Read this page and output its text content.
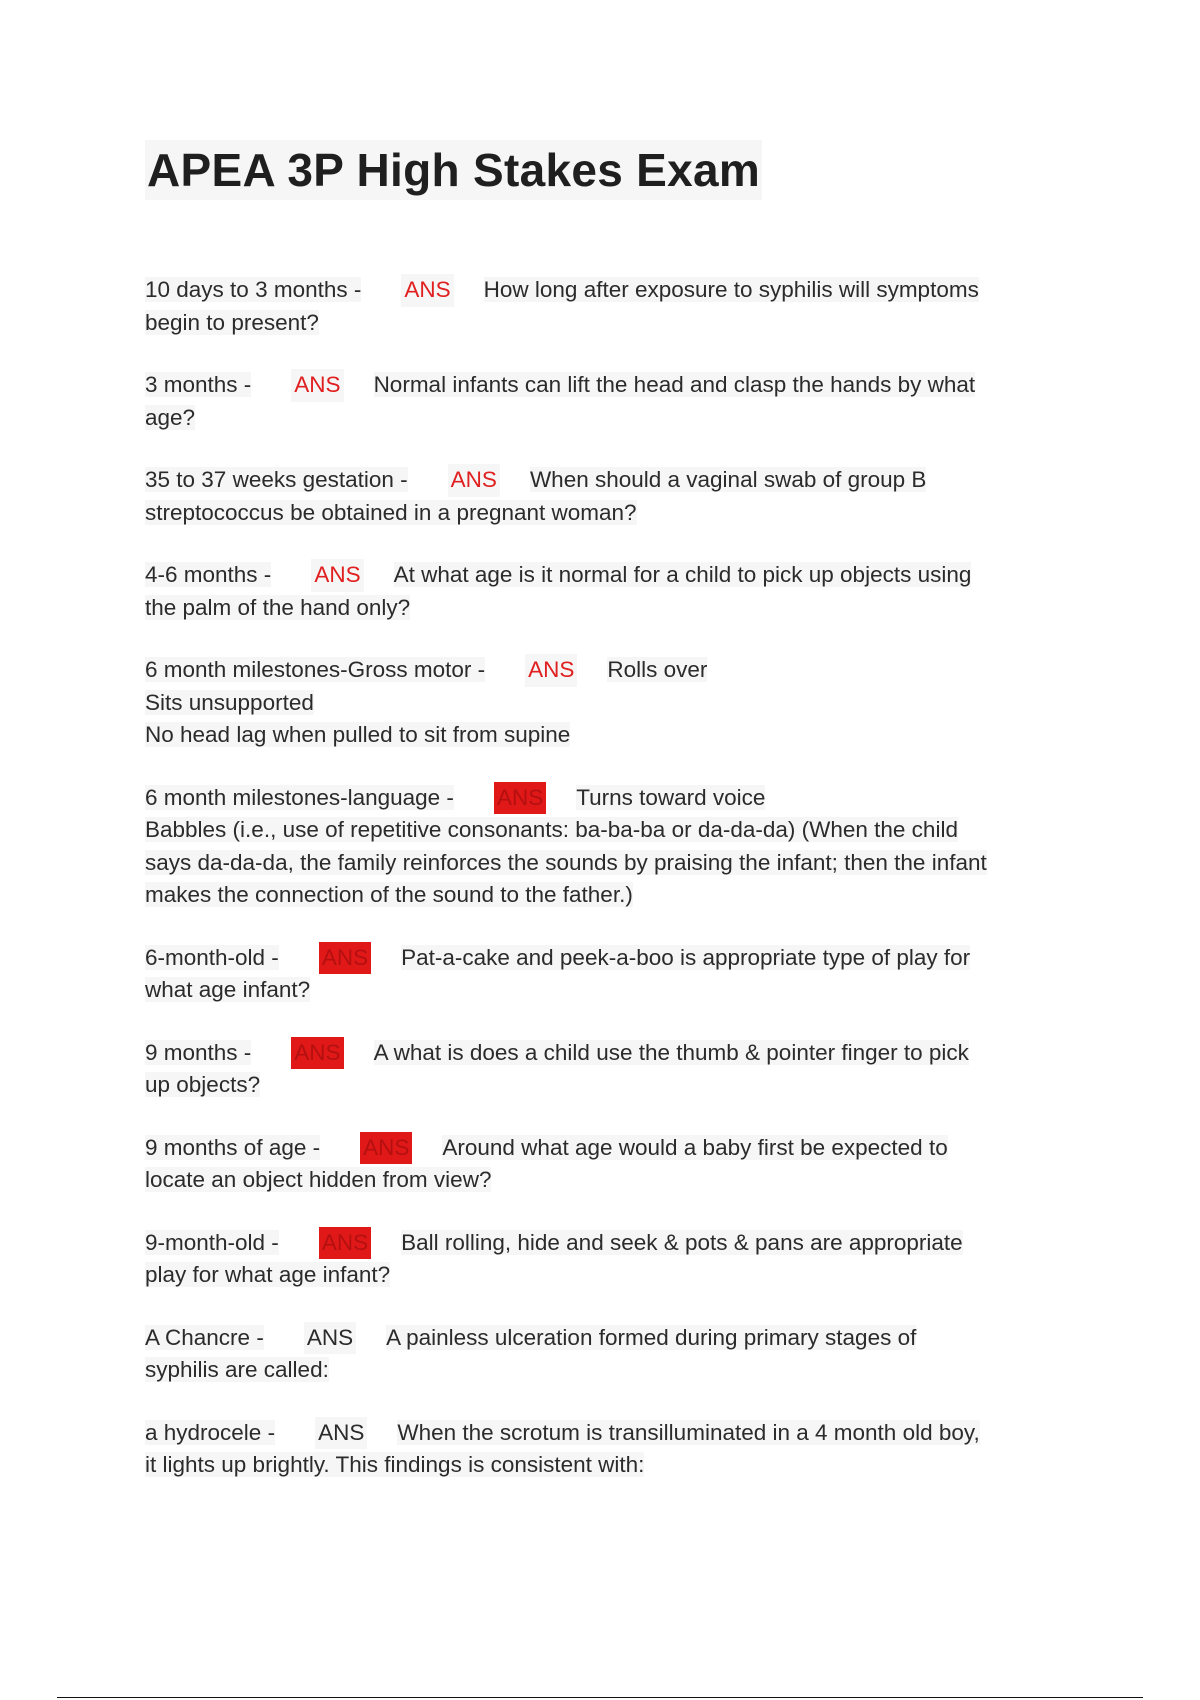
APEA 3P High Stakes Exam
10 days to 3 months - ANS How long after exposure to syphilis will symptoms
begin to present?
3 months - ANS Normal infants can lift the head and clasp the hands by what
age?
35 to 37 weeks gestation - ANS When should a vaginal swab of group B
streptococcus be obtained in a pregnant woman?
4-6 months - ANS At what age is it normal for a child to pick up objects using
the palm of the hand only?
6 month milestones-Gross motor - ANS Rolls over
Sits unsupported
No head lag when pulled to sit from supine
6 month milestones-language - ANS Turns toward voice
Babbles (i.e., use of repetitive consonants: ba-ba-ba or da-da-da) (When the child
says da-da-da, the family reinforces the sounds by praising the infant; then the infant
makes the connection of the sound to the father.)
6-month-old - ANS Pat-a-cake and peek-a-boo is appropriate type of play for
what age infant?
9 months - ANS A what is does a child use the thumb & pointer finger to pick
up objects?
9 months of age - ANS Around what age would a baby first be expected to
locate an object hidden from view?
9-month-old - ANS Ball rolling, hide and seek & pots & pans are appropriate
play for what age infant?
A Chancre - ANS A painless ulceration formed during primary stages of
syphilis are called:
a hydrocele - ANS When the scrotum is transilluminated in a 4 month old boy,
it lights up brightly. This findings is consistent with:
